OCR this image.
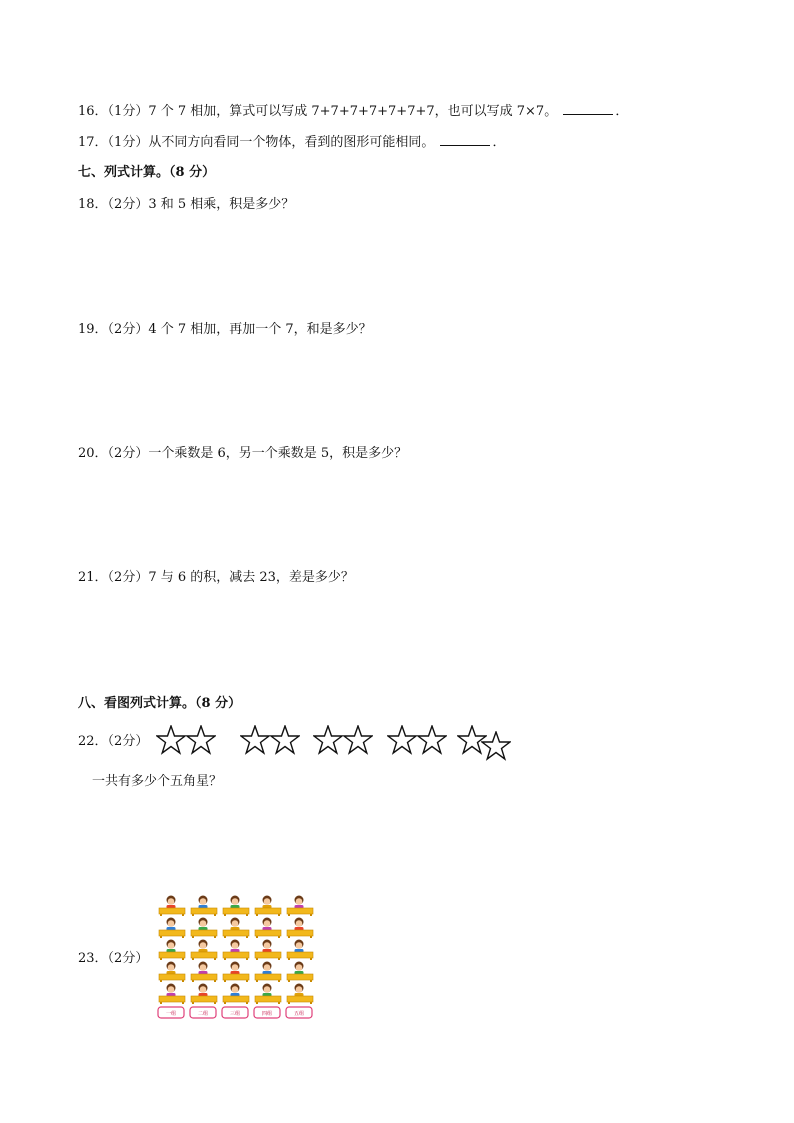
16．（1分）7 个 7 相加，算式可以写成 7+7+7+7+7+7+7，也可以写成 7×7。	．
17．（1分）从不同方向看同一个物体，看到的图形可能相同。	．
七、列式计算。（8 分）
18．（2分）3 和 5 相乘，积是多少？
19．（2分）4 个 7 相加，再加一个 7，和是多少？
20．（2分）一个乘数是 6，另一个乘数是 5，积是多少？
21．（2分）7 与 6 的积，减去 23，差是多少？
八、看图列式计算。（8 分）
22．（2分）
一共有多少个五角星？
23．（2分）
一组	二组	三组	四组	五组
